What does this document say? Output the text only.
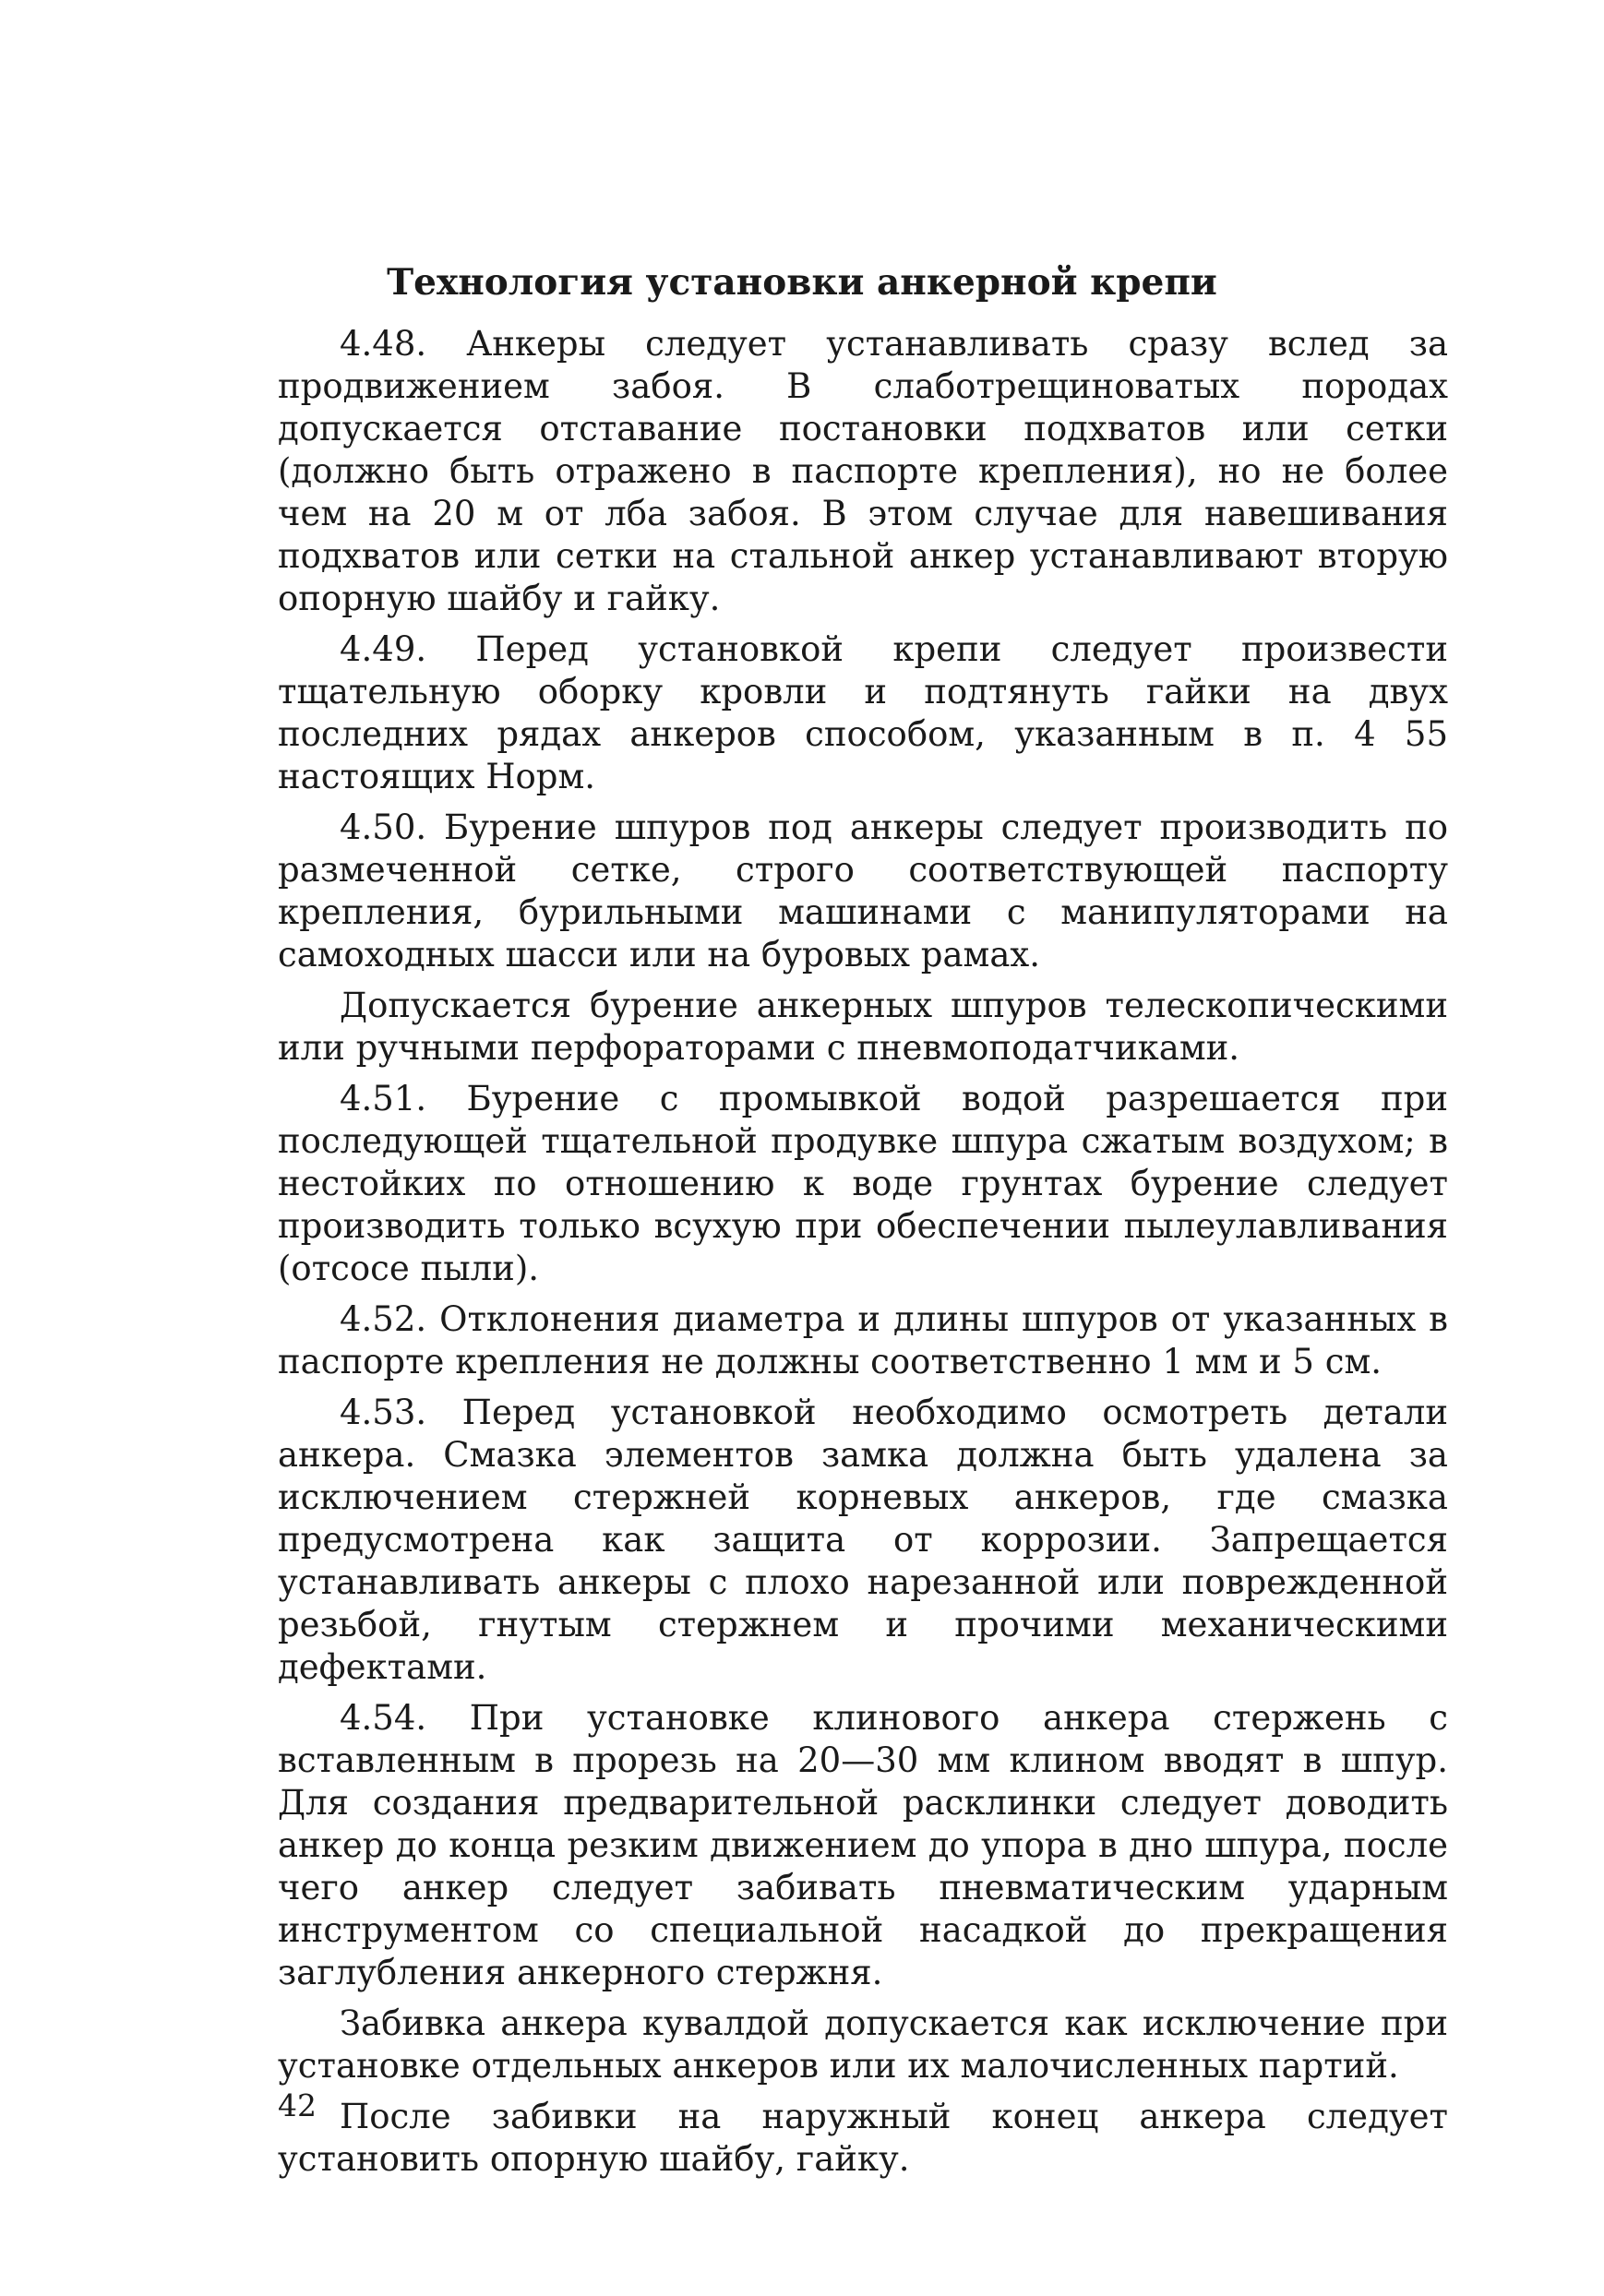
Технология установки анкерной крепи

4.48. Анкеры следует устанавливать сразу вслед за продвижением забоя. В слаботрещиноватых породах допускается отставание постановки подхватов или сетки (должно быть отражено в паспорте крепления), но не более чем на 20 м от лба забоя. В этом случае для навешивания подхватов или сетки на стальной анкер устанавливают вторую опорную шайбу и гайку.

4.49. Перед установкой крепи следует произвести тщательную оборку кровли и подтянуть гайки на двух последних рядах анкеров способом, указанным в п. 4 55 настоящих Норм.

4.50. Бурение шпуров под анкеры следует производить по размеченной сетке, строго соответствующей паспорту крепления, бурильными машинами с манипуляторами на самоходных шасси или на буровых рамах.

Допускается бурение анкерных шпуров телескопическими или ручными перфораторами с пневмоподатчиками.

4.51. Бурение с промывкой водой разрешается при последующей тщательной продувке шпура сжатым воздухом; в нестойких по отношению к воде грунтах бурение следует производить только всухую при обеспечении пылеулавливания (отсосе пыли).

4.52. Отклонения диаметра и длины шпуров от указанных в паспорте крепления не должны соответственно 1 мм и 5 см.

4.53. Перед установкой необходимо осмотреть детали анкера. Смазка элементов замка должна быть удалена за исключением стержней корневых анкеров, где смазка предусмотрена как защита от коррозии. Запрещается устанавливать анкеры с плохо нарезанной или поврежденной резьбой, гнутым стержнем и прочими механическими дефектами.

4.54. При установке клинового анкера стержень с вставленным в прорезь на 20—30 мм клином вводят в шпур. Для создания предварительной расклинки следует доводить анкер до конца резким движением до упора в дно шпура, после чего анкер следует забивать пневматическим ударным инструментом со специальной насадкой до прекращения заглубления анкерного стержня.

Забивка анкера кувалдой допускается как исключение при установке отдельных анкеров или их малочисленных партий.

После забивки на наружный конец анкера следует установить опорную шайбу, гайку.

42
